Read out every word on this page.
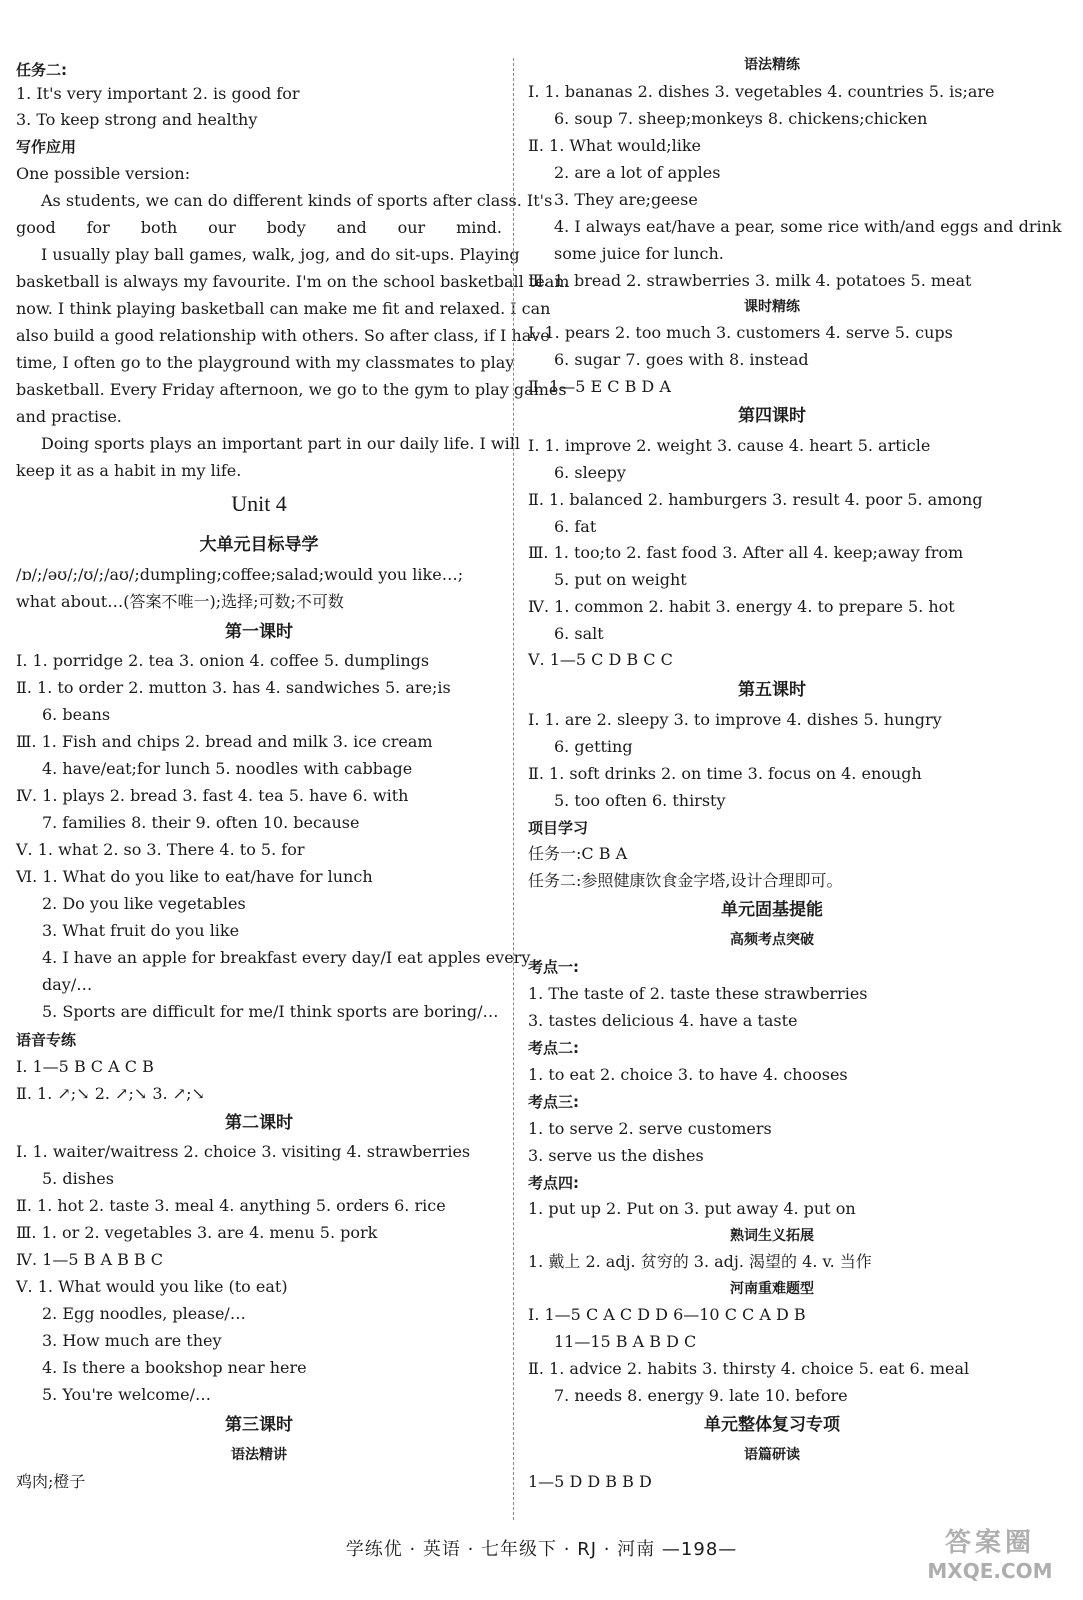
任务二:
1. It's very important 2. is good for
3. To keep strong and healthy
写作应用
One possible version:
As students, we can do different kinds of sports after class. It's
good for both our body and our mind.
I usually play ball games, walk, jog, and do sit-ups. Playing
basketball is always my favourite. I'm on the school basketball team
now. I think playing basketball can make me fit and relaxed. I can
also build a good relationship with others. So after class, if I have
time, I often go to the playground with my classmates to play
basketball. Every Friday afternoon, we go to the gym to play games
and practise.
Doing sports plays an important part in our daily life. I will
keep it as a habit in my life.
Unit 4
大单元目标导学
/ɒ/;/əʊ/;/ʊ/;/aʊ/;dumpling;coffee;salad;would you like…;
what about…(答案不唯一);选择;可数;不可数
第一课时
Ⅰ. 1. porridge 2. tea 3. onion 4. coffee 5. dumplings
Ⅱ. 1. to order 2. mutton 3. has 4. sandwiches 5. are;is
6. beans
Ⅲ. 1. Fish and chips 2. bread and milk 3. ice cream
4. have/eat;for lunch 5. noodles with cabbage
Ⅳ. 1. plays 2. bread 3. fast 4. tea 5. have 6. with
7. families 8. their 9. often 10. because
Ⅴ. 1. what 2. so 3. There 4. to 5. for
Ⅵ. 1. What do you like to eat/have for lunch
2. Do you like vegetables
3. What fruit do you like
4. I have an apple for breakfast every day/I eat apples every
day/…
5. Sports are difficult for me/I think sports are boring/…
语音专练
Ⅰ. 1—5 B C A C B
Ⅱ. 1. ↗;↘ 2. ↗;↘ 3. ↗;↘
第二课时
Ⅰ. 1. waiter/waitress 2. choice 3. visiting 4. strawberries
5. dishes
Ⅱ. 1. hot 2. taste 3. meal 4. anything 5. orders 6. rice
Ⅲ. 1. or 2. vegetables 3. are 4. menu 5. pork
Ⅳ. 1—5 B A B B C
Ⅴ. 1. What would you like (to eat)
2. Egg noodles, please/…
3. How much are they
4. Is there a bookshop near here
5. You're welcome/…
第三课时
语法精讲
鸡肉;橙子
语法精练
Ⅰ. 1. bananas 2. dishes 3. vegetables 4. countries 5. is;are
6. soup 7. sheep;monkeys 8. chickens;chicken
Ⅱ. 1. What would;like
2. are a lot of apples
3. They are;geese
4. I always eat/have a pear, some rice with/and eggs and drink
some juice for lunch.
Ⅲ. 1. bread 2. strawberries 3. milk 4. potatoes 5. meat
课时精练
Ⅰ. 1. pears 2. too much 3. customers 4. serve 5. cups
6. sugar 7. goes with 8. instead
Ⅱ. 1—5 E C B D A
第四课时
Ⅰ. 1. improve 2. weight 3. cause 4. heart 5. article
6. sleepy
Ⅱ. 1. balanced 2. hamburgers 3. result 4. poor 5. among
6. fat
Ⅲ. 1. too;to 2. fast food 3. After all 4. keep;away from
5. put on weight
Ⅳ. 1. common 2. habit 3. energy 4. to prepare 5. hot
6. salt
Ⅴ. 1—5 C D B C C
第五课时
Ⅰ. 1. are 2. sleepy 3. to improve 4. dishes 5. hungry
6. getting
Ⅱ. 1. soft drinks 2. on time 3. focus on 4. enough
5. too often 6. thirsty
项目学习
任务一:C B A
任务二:参照健康饮食金字塔,设计合理即可。
单元固基提能
高频考点突破
考点一:
1. The taste of 2. taste these strawberries
3. tastes delicious 4. have a taste
考点二:
1. to eat 2. choice 3. to have 4. chooses
考点三:
1. to serve 2. serve customers
3. serve us the dishes
考点四:
1. put up 2. Put on 3. put away 4. put on
熟词生义拓展
1. 戴上 2. adj. 贫穷的 3. adj. 渴望的 4. v. 当作
河南重难题型
Ⅰ. 1—5 C A C D D 6—10 C C A D B
11—15 B A B D C
Ⅱ. 1. advice 2. habits 3. thirsty 4. choice 5. eat 6. meal
7. needs 8. energy 9. late 10. before
单元整体复习专项
语篇研读
1—5 D D B B D
学练优 · 英语 · 七年级下 · RJ · 河南 —198—	答案圈
MXQE.COM
